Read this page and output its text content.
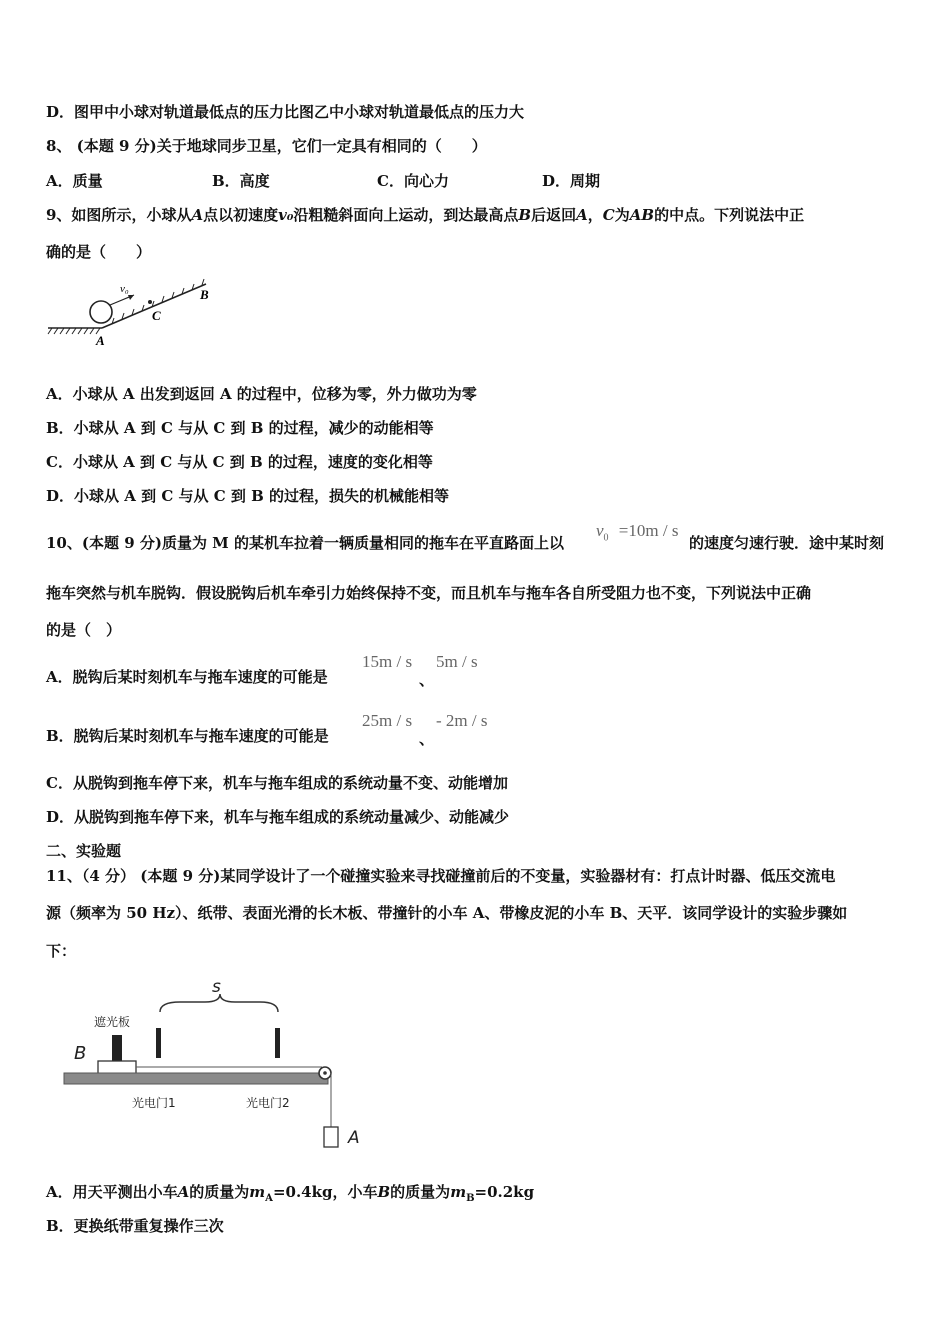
D．图甲中小球对轨道最低点的压力比图乙中小球对轨道最低点的压力大
8、 (本题 9 分)关于地球同步卫星，它们一定具有相同的（　　）
A．质量	B．高度	C．向心力	D．周期
9、如图所示，小球从A点以初速度v₀沿粗糙斜面向上运动，到达最高点B后返回A，C为AB的中点。下列说法中正
确的是（　　）
v₀	B
C
A
A．小球从 A 出发到返回 A 的过程中，位移为零，外力做功为零
B．小球从 A 到 C 与从 C 到 B 的过程，减少的动能相等
C．小球从 A 到 C 与从 C 到 B 的过程，速度的变化相等
D．小球从 A 到 C 与从 C 到 B 的过程，损失的机械能相等
10、(本题 9 分)质量为 M 的某机车拉着一辆质量相同的拖车在平直路面上以
$v_0 =10m / s$
的速度匀速行驶．途中某时刻
拖车突然与机车脱钩．假设脱钩后机车牵引力始终保持不变，而且机车与拖车各自所受阻力也不变，下列说法中正确
的是（　）
A．脱钩后某时刻机车与拖车速度的可能是
15m / s
、
5m / s
B．脱钩后某时刻机车与拖车速度的可能是
25m / s
、
- 2m / s
C．从脱钩到拖车停下来，机车与拖车组成的系统动量不变、动能增加
D．从脱钩到拖车停下来，机车与拖车组成的系统动量减少、动能减少
二、实验题
11、（4 分） (本题 9 分)某同学设计了一个碰撞实验来寻找碰撞前后的不变量，实验器材有：打点计时器、低压交流电
源（频率为 50 Hz）、纸带、表面光滑的长木板、带撞针的小车 A、带橡皮泥的小车 B、天平．该同学设计的实验步骤如
下：
s
遮光板
B
A
光电门1	光电门2
A．用天平测出小车A的质量为$m_A=0.4kg$，小车B的质量为$m_B=0.2kg$
B．更换纸带重复操作三次
